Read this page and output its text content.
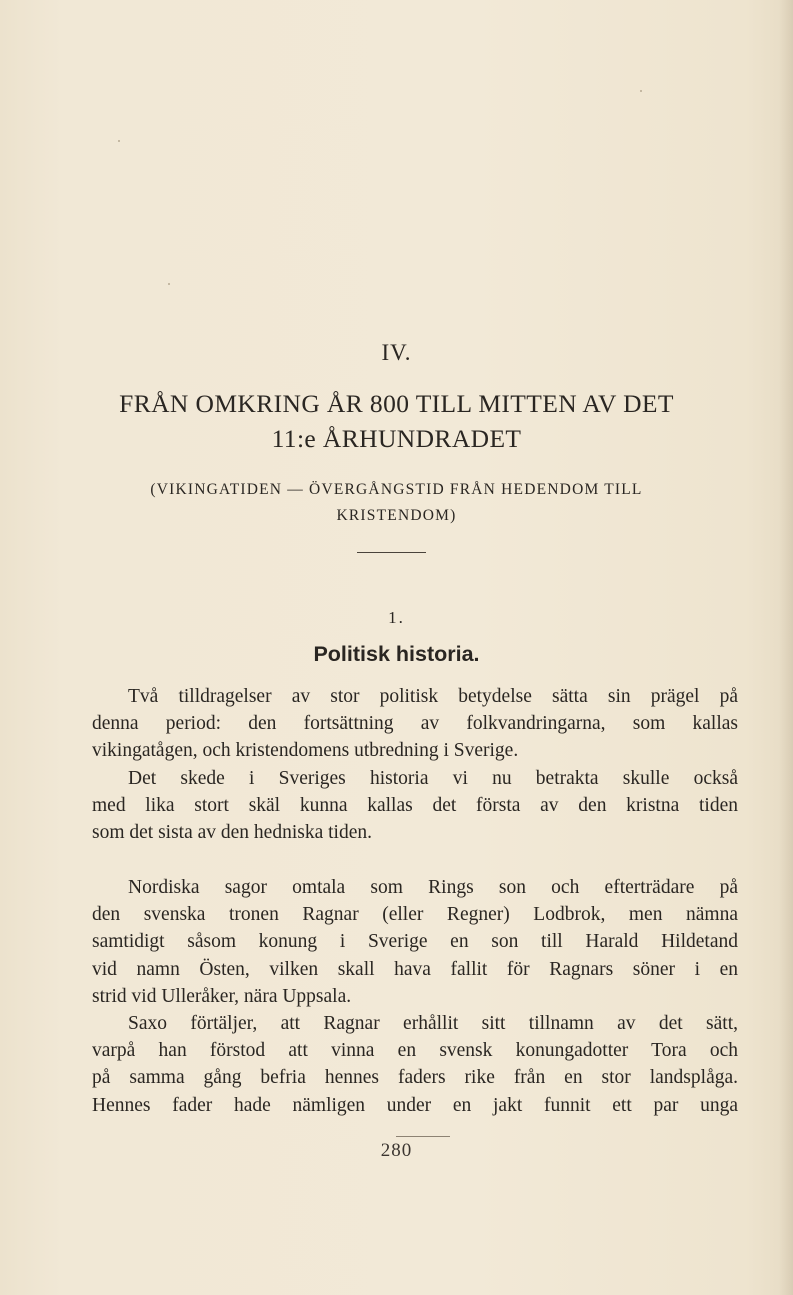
IV.
FRÅN OMKRING ÅR 800 TILL MITTEN AV DET
11:e ÅRHUNDRADET
(VIKINGATIDEN — ÖVERGÅNGSTID FRÅN HEDENDOM TILL
KRISTENDOM)
1.
Politisk historia.
Två tilldragelser av stor politisk betydelse sätta sin prägel på
denna period: den fortsättning av folkvandringarna, som kallas
vikingatågen, och kristendomens utbredning i Sverige.
Det skede i Sveriges historia vi nu betrakta skulle också
med lika stort skäl kunna kallas det första av den kristna tiden
som det sista av den hedniska tiden.
Nordiska sagor omtala som Rings son och efterträdare på
den svenska tronen Ragnar (eller Regner) Lodbrok, men nämna
samtidigt såsom konung i Sverige en son till Harald Hildetand
vid namn Östen, vilken skall hava fallit för Ragnars söner i en
strid vid Ulleråker, nära Uppsala.
Saxo förtäljer, att Ragnar erhållit sitt tillnamn av det sätt,
varpå han förstod att vinna en svensk konungadotter Tora och
på samma gång befria hennes faders rike från en stor landsplåga.
Hennes fader hade nämligen under en jakt funnit ett par unga
280
